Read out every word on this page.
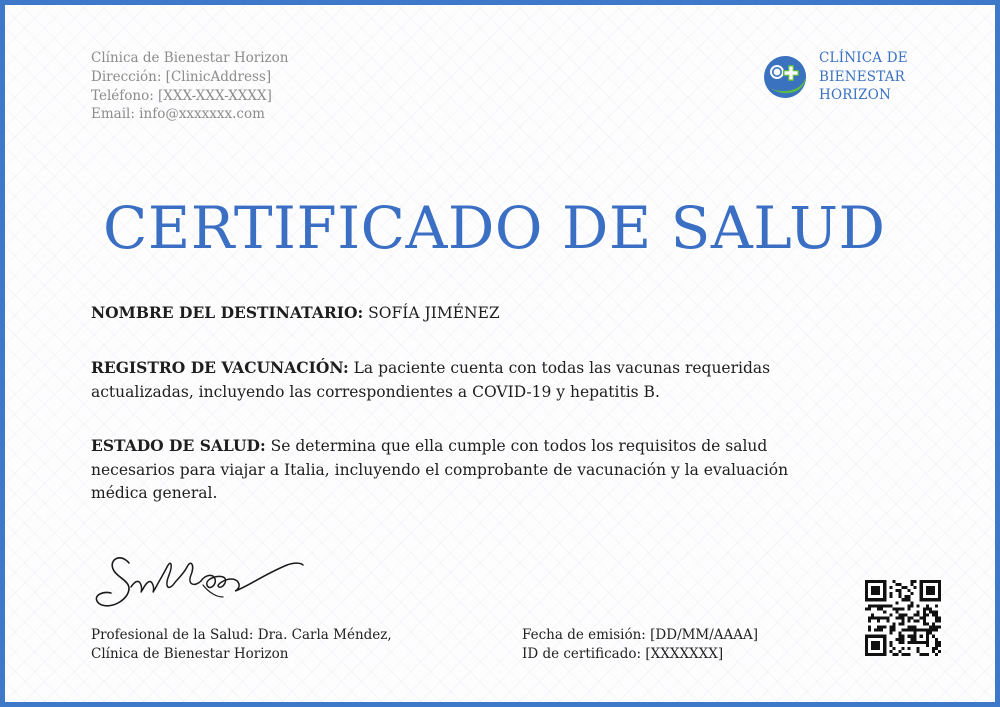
Clínica de Bienestar Horizon
Dirección: [ClinicAddress]
Teléfono: [XXX-XXX-XXXX]
Email: info@xxxxxxx.com
CLÍNICA DE
BIENESTAR
HORIZON
CERTIFICADO DE SALUD
NOMBRE DEL DESTINATARIO: SOFÍA JIMÉNEZ
REGISTRO DE VACUNACIÓN: La paciente cuenta con todas las vacunas requeridas actualizadas, incluyendo las correspondientes a COVID-19 y hepatitis B.
ESTADO DE SALUD: Se determina que ella cumple con todos los requisitos de salud necesarios para viajar a Italia, incluyendo el comprobante de vacunación y la evaluación médica general.
Profesional de la Salud: Dra. Carla Méndez,
Clínica de Bienestar Horizon
Fecha de emisión: [DD/MM/AAAA]
ID de certificado: [XXXXXXX]
